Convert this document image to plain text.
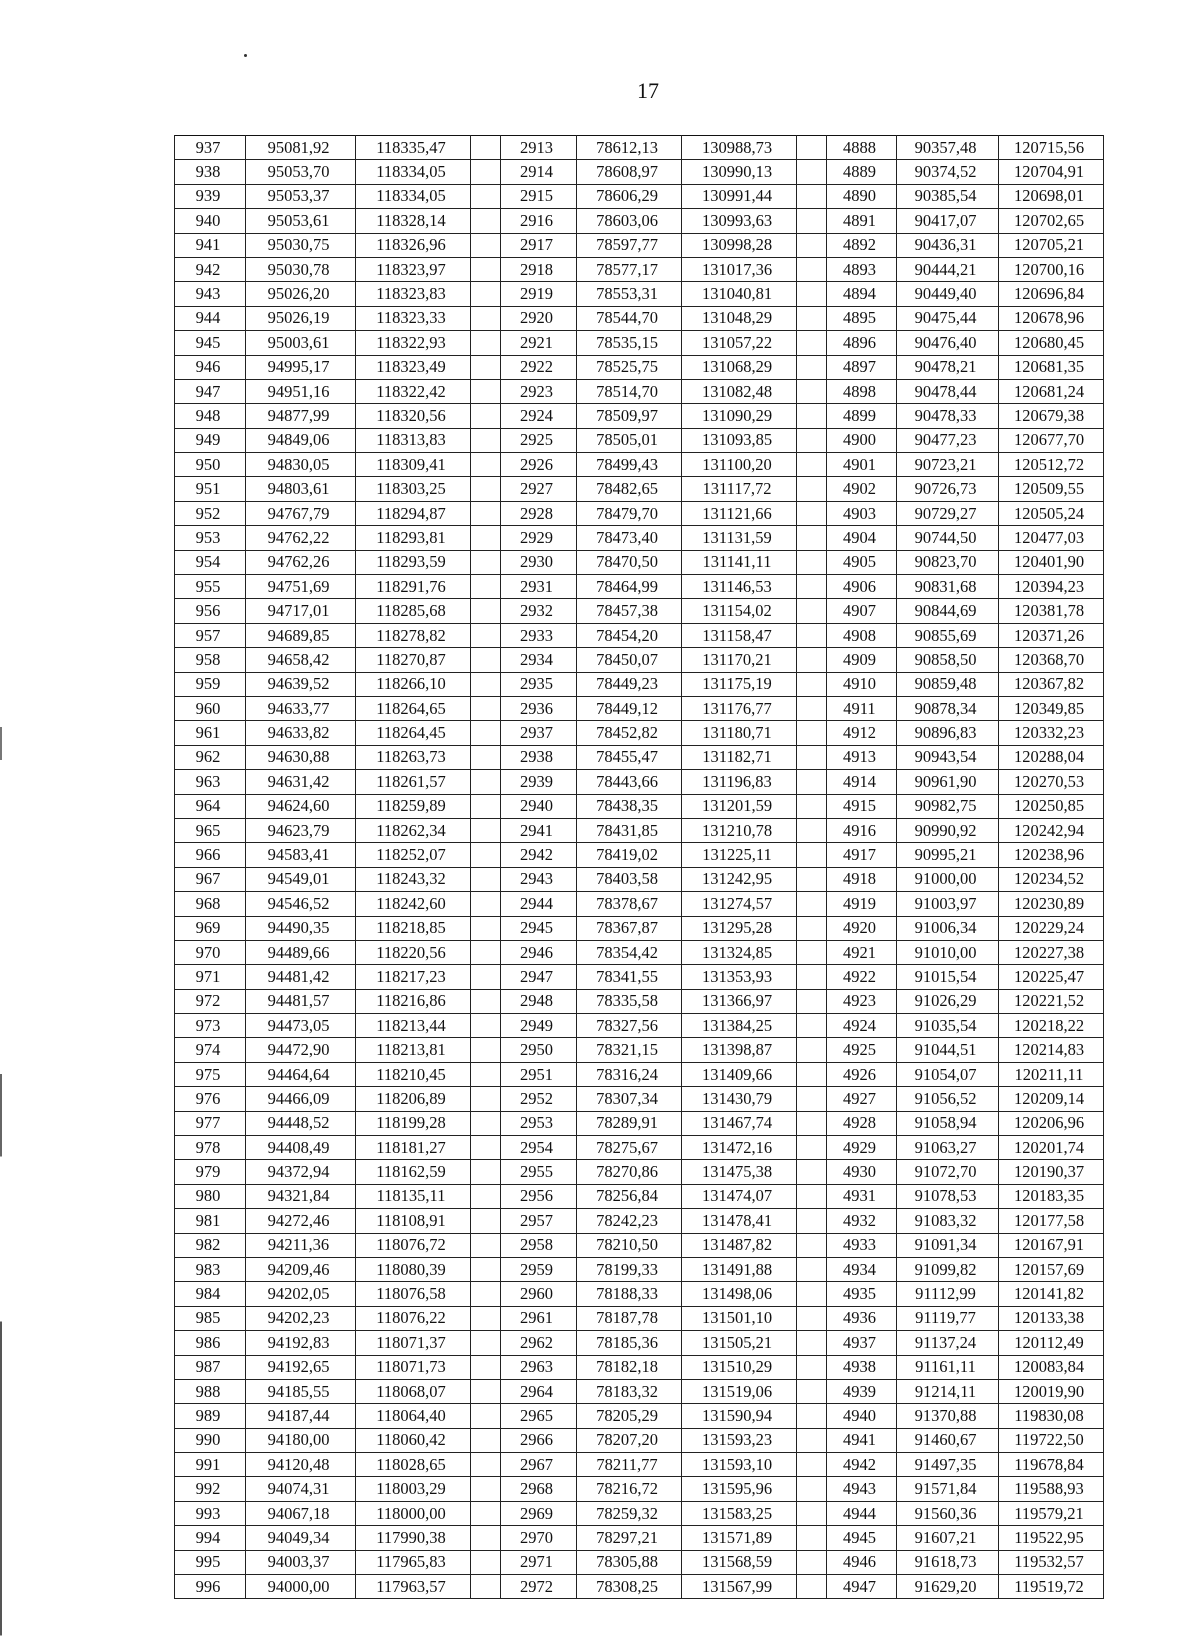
17
937	95081,92	118335,47		2913	78612,13	130988,73		4888	90357,48	120715,56
938	95053,70	118334,05		2914	78608,97	130990,13		4889	90374,52	120704,91
939	95053,37	118334,05		2915	78606,29	130991,44		4890	90385,54	120698,01
940	95053,61	118328,14		2916	78603,06	130993,63		4891	90417,07	120702,65
941	95030,75	118326,96		2917	78597,77	130998,28		4892	90436,31	120705,21
942	95030,78	118323,97		2918	78577,17	131017,36		4893	90444,21	120700,16
943	95026,20	118323,83		2919	78553,31	131040,81		4894	90449,40	120696,84
944	95026,19	118323,33		2920	78544,70	131048,29		4895	90475,44	120678,96
945	95003,61	118322,93		2921	78535,15	131057,22		4896	90476,40	120680,45
946	94995,17	118323,49		2922	78525,75	131068,29		4897	90478,21	120681,35
947	94951,16	118322,42		2923	78514,70	131082,48		4898	90478,44	120681,24
948	94877,99	118320,56		2924	78509,97	131090,29		4899	90478,33	120679,38
949	94849,06	118313,83		2925	78505,01	131093,85		4900	90477,23	120677,70
950	94830,05	118309,41		2926	78499,43	131100,20		4901	90723,21	120512,72
951	94803,61	118303,25		2927	78482,65	131117,72		4902	90726,73	120509,55
952	94767,79	118294,87		2928	78479,70	131121,66		4903	90729,27	120505,24
953	94762,22	118293,81		2929	78473,40	131131,59		4904	90744,50	120477,03
954	94762,26	118293,59		2930	78470,50	131141,11		4905	90823,70	120401,90
955	94751,69	118291,76		2931	78464,99	131146,53		4906	90831,68	120394,23
956	94717,01	118285,68		2932	78457,38	131154,02		4907	90844,69	120381,78
957	94689,85	118278,82		2933	78454,20	131158,47		4908	90855,69	120371,26
958	94658,42	118270,87		2934	78450,07	131170,21		4909	90858,50	120368,70
959	94639,52	118266,10		2935	78449,23	131175,19		4910	90859,48	120367,82
960	94633,77	118264,65		2936	78449,12	131176,77		4911	90878,34	120349,85
961	94633,82	118264,45		2937	78452,82	131180,71		4912	90896,83	120332,23
962	94630,88	118263,73		2938	78455,47	131182,71		4913	90943,54	120288,04
963	94631,42	118261,57		2939	78443,66	131196,83		4914	90961,90	120270,53
964	94624,60	118259,89		2940	78438,35	131201,59		4915	90982,75	120250,85
965	94623,79	118262,34		2941	78431,85	131210,78		4916	90990,92	120242,94
966	94583,41	118252,07		2942	78419,02	131225,11		4917	90995,21	120238,96
967	94549,01	118243,32		2943	78403,58	131242,95		4918	91000,00	120234,52
968	94546,52	118242,60		2944	78378,67	131274,57		4919	91003,97	120230,89
969	94490,35	118218,85		2945	78367,87	131295,28		4920	91006,34	120229,24
970	94489,66	118220,56		2946	78354,42	131324,85		4921	91010,00	120227,38
971	94481,42	118217,23		2947	78341,55	131353,93		4922	91015,54	120225,47
972	94481,57	118216,86		2948	78335,58	131366,97		4923	91026,29	120221,52
973	94473,05	118213,44		2949	78327,56	131384,25		4924	91035,54	120218,22
974	94472,90	118213,81		2950	78321,15	131398,87		4925	91044,51	120214,83
975	94464,64	118210,45		2951	78316,24	131409,66		4926	91054,07	120211,11
976	94466,09	118206,89		2952	78307,34	131430,79		4927	91056,52	120209,14
977	94448,52	118199,28		2953	78289,91	131467,74		4928	91058,94	120206,96
978	94408,49	118181,27		2954	78275,67	131472,16		4929	91063,27	120201,74
979	94372,94	118162,59		2955	78270,86	131475,38		4930	91072,70	120190,37
980	94321,84	118135,11		2956	78256,84	131474,07		4931	91078,53	120183,35
981	94272,46	118108,91		2957	78242,23	131478,41		4932	91083,32	120177,58
982	94211,36	118076,72		2958	78210,50	131487,82		4933	91091,34	120167,91
983	94209,46	118080,39		2959	78199,33	131491,88		4934	91099,82	120157,69
984	94202,05	118076,58		2960	78188,33	131498,06		4935	91112,99	120141,82
985	94202,23	118076,22		2961	78187,78	131501,10		4936	91119,77	120133,38
986	94192,83	118071,37		2962	78185,36	131505,21		4937	91137,24	120112,49
987	94192,65	118071,73		2963	78182,18	131510,29		4938	91161,11	120083,84
988	94185,55	118068,07		2964	78183,32	131519,06		4939	91214,11	120019,90
989	94187,44	118064,40		2965	78205,29	131590,94		4940	91370,88	119830,08
990	94180,00	118060,42		2966	78207,20	131593,23		4941	91460,67	119722,50
991	94120,48	118028,65		2967	78211,77	131593,10		4942	91497,35	119678,84
992	94074,31	118003,29		2968	78216,72	131595,96		4943	91571,84	119588,93
993	94067,18	118000,00		2969	78259,32	131583,25		4944	91560,36	119579,21
994	94049,34	117990,38		2970	78297,21	131571,89		4945	91607,21	119522,95
995	94003,37	117965,83		2971	78305,88	131568,59		4946	91618,73	119532,57
996	94000,00	117963,57		2972	78308,25	131567,99		4947	91629,20	119519,72
